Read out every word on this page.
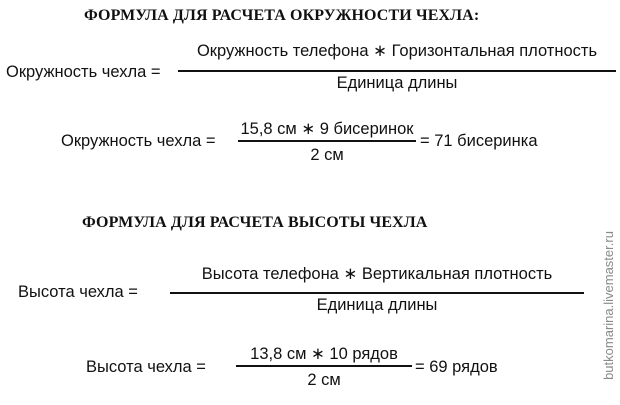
ФОРМУЛА ДЛЯ РАСЧЕТА ОКРУЖНОСТИ ЧЕХЛА:
Окружность чехла =
Окружность телефона ∗ Горизонтальная плотность
Единица длины
Окружность чехла =
15,8 см ∗ 9 бисеринок
2 см
= 71 бисеринка
ФОРМУЛА ДЛЯ РАСЧЕТА ВЫСОТЫ ЧЕХЛА
Высота чехла =
Высота телефона ∗ Вертикальная плотность
Единица длины
Высота чехла =
13,8 см ∗ 10 рядов
2 см
= 69 рядов	butkomarina.livemaster.ru
